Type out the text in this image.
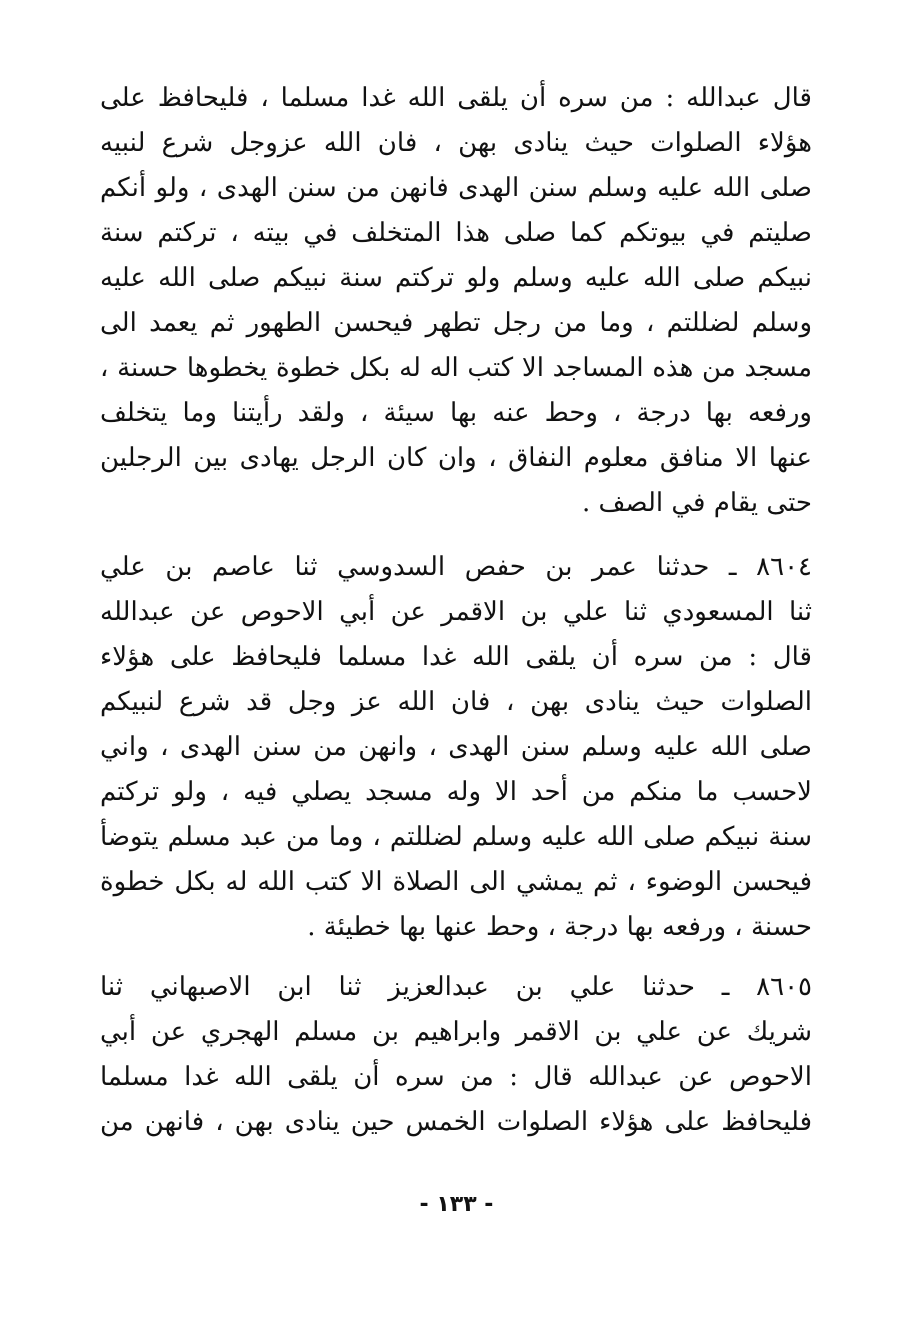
قال عبدالله : من سره أن يلقى الله غدا مسلما ، فليحافظ على
هؤلاء الصلوات حيث ينادى بهن ، فان الله عزوجل شرع لنبيه
صلى الله عليه وسلم سنن الهدى فانهن من سنن الهدى ، ولو أنكم
صليتم في بيوتكم كما صلى هذا المتخلف في بيته ، تركتم سنة
نبيكم صلى الله عليه وسلم ولو تركتم سنة نبيكم صلى الله عليه
وسلم لضللتم ، وما من رجل تطهر فيحسن الطهور ثم يعمد الى
مسجد من هذه المساجد الا كتب اله له بكل خطوة يخطوها حسنة ،
ورفعه بها درجة ، وحط عنه بها سيئة ، ولقد رأيتنا وما يتخلف
عنها الا منافق معلوم النفاق ، وان كان الرجل يهادى بين الرجلين
حتى يقام في الصف .
٨٦٠٤ ـ حدثنا عمر بن حفص السدوسي ثنا عاصم بن علي
ثنا المسعودي ثنا علي بن الاقمر عن أبي الاحوص عن عبدالله
قال : من سره أن يلقى الله غدا مسلما فليحافظ على هؤلاء
الصلوات حيث ينادى بهن ، فان الله عز وجل قد شرع لنبيكم
صلى الله عليه وسلم سنن الهدى ، وانهن من سنن الهدى ، واني
لاحسب ما منكم من أحد الا وله مسجد يصلي فيه ، ولو تركتم
سنة نبيكم صلى الله عليه وسلم لضللتم ، وما من عبد مسلم يتوضأ
فيحسن الوضوء ، ثم يمشي الى الصلاة الا كتب الله له بكل خطوة
حسنة ، ورفعه بها درجة ، وحط عنها بها خطيئة .
٨٦٠٥ ـ حدثنا علي بن عبدالعزيز ثنا ابن الاصبهاني ثنا
شريك عن علي بن الاقمر وابراهيم بن مسلم الهجري عن أبي
الاحوص عن عبدالله قال : من سره أن يلقى الله غدا مسلما
فليحافظ على هؤلاء الصلوات الخمس حين ينادى بهن ، فانهن من
- ١٣٣ -
